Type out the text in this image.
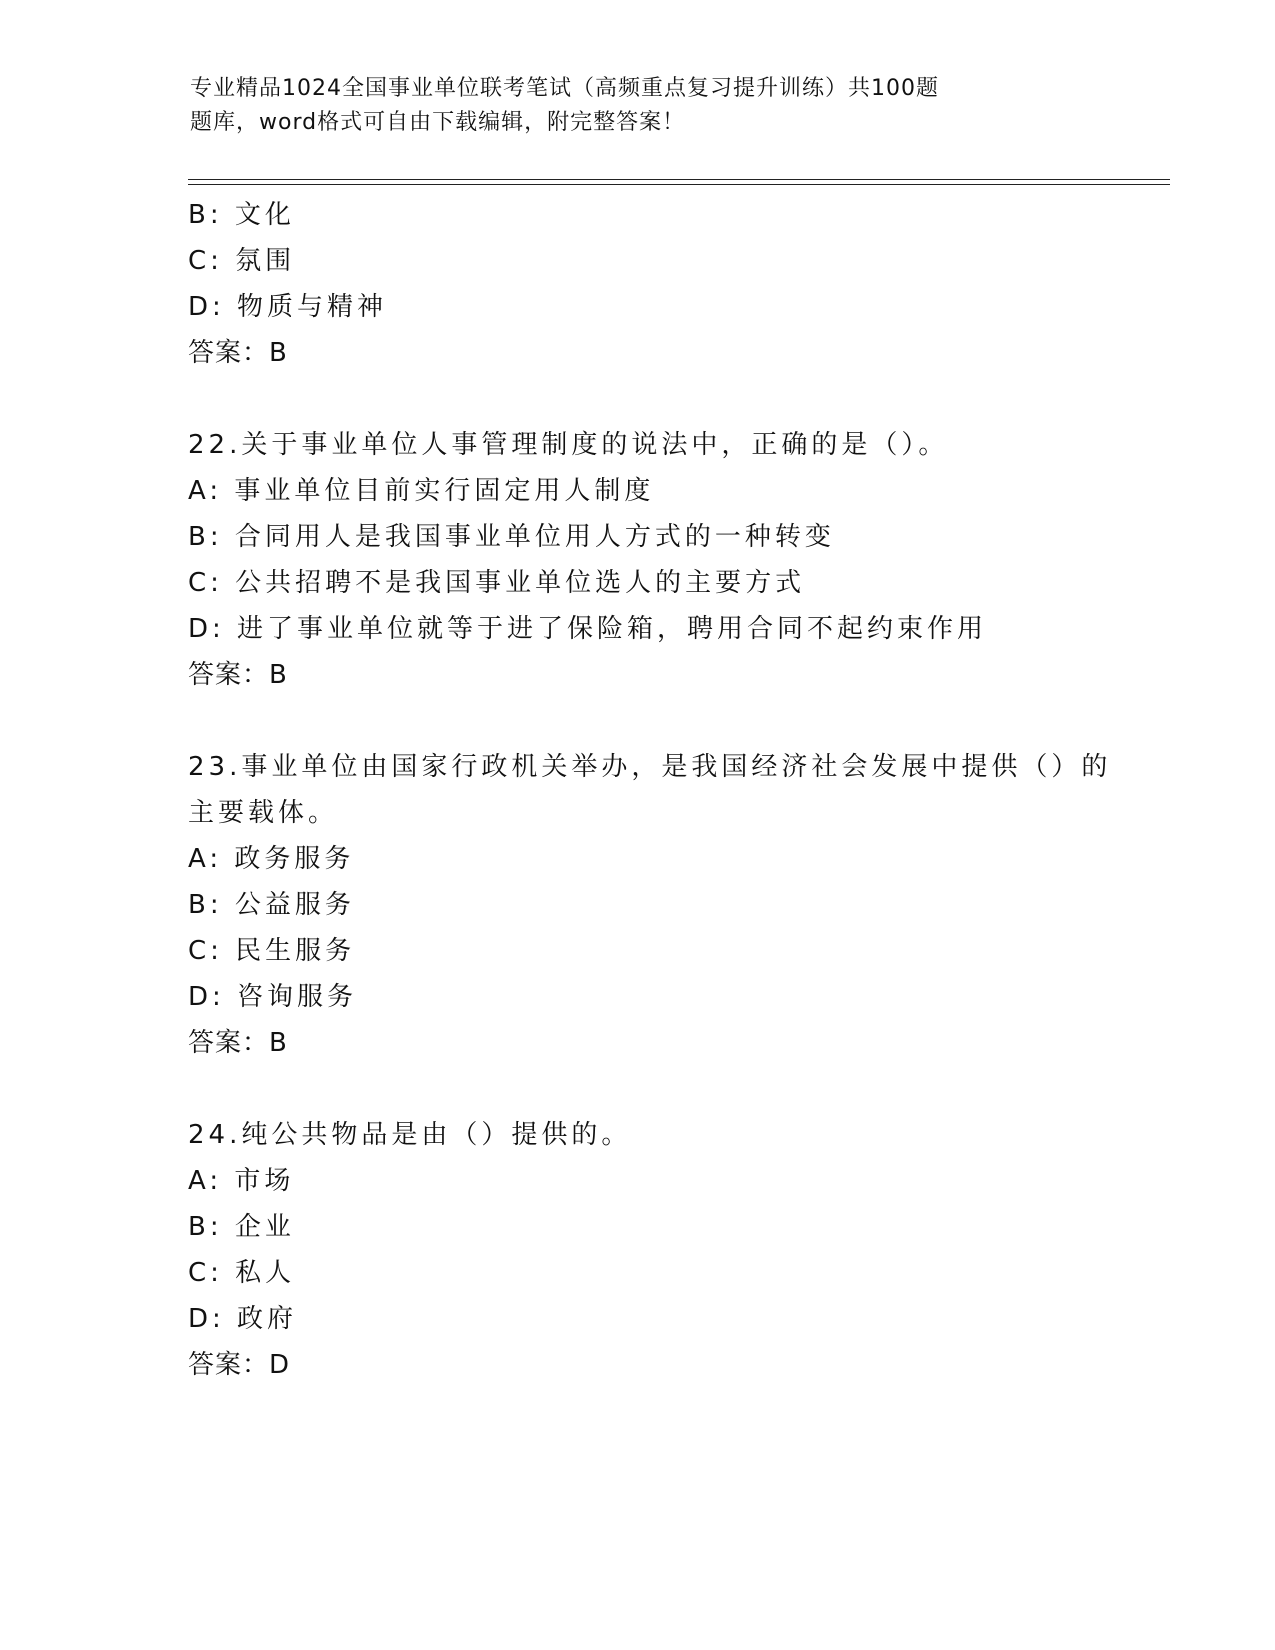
专业精品1024全国事业单位联考笔试（高频重点复习提升训练）共100题
题库，word格式可自由下载编辑，附完整答案！
B: 文化
C: 氛围
D: 物质与精神
答案：B
22.关于事业单位人事管理制度的说法中，正确的是（）。
A: 事业单位目前实行固定用人制度
B: 合同用人是我国事业单位用人方式的一种转变
C: 公共招聘不是我国事业单位选人的主要方式
D: 进了事业单位就等于进了保险箱，聘用合同不起约束作用
答案：B
23.事业单位由国家行政机关举办，是我国经济社会发展中提供（）的
主要载体。
A: 政务服务
B: 公益服务
C: 民生服务
D: 咨询服务
答案：B
24.纯公共物品是由（）提供的。
A: 市场
B: 企业
C: 私人
D: 政府
答案：D
